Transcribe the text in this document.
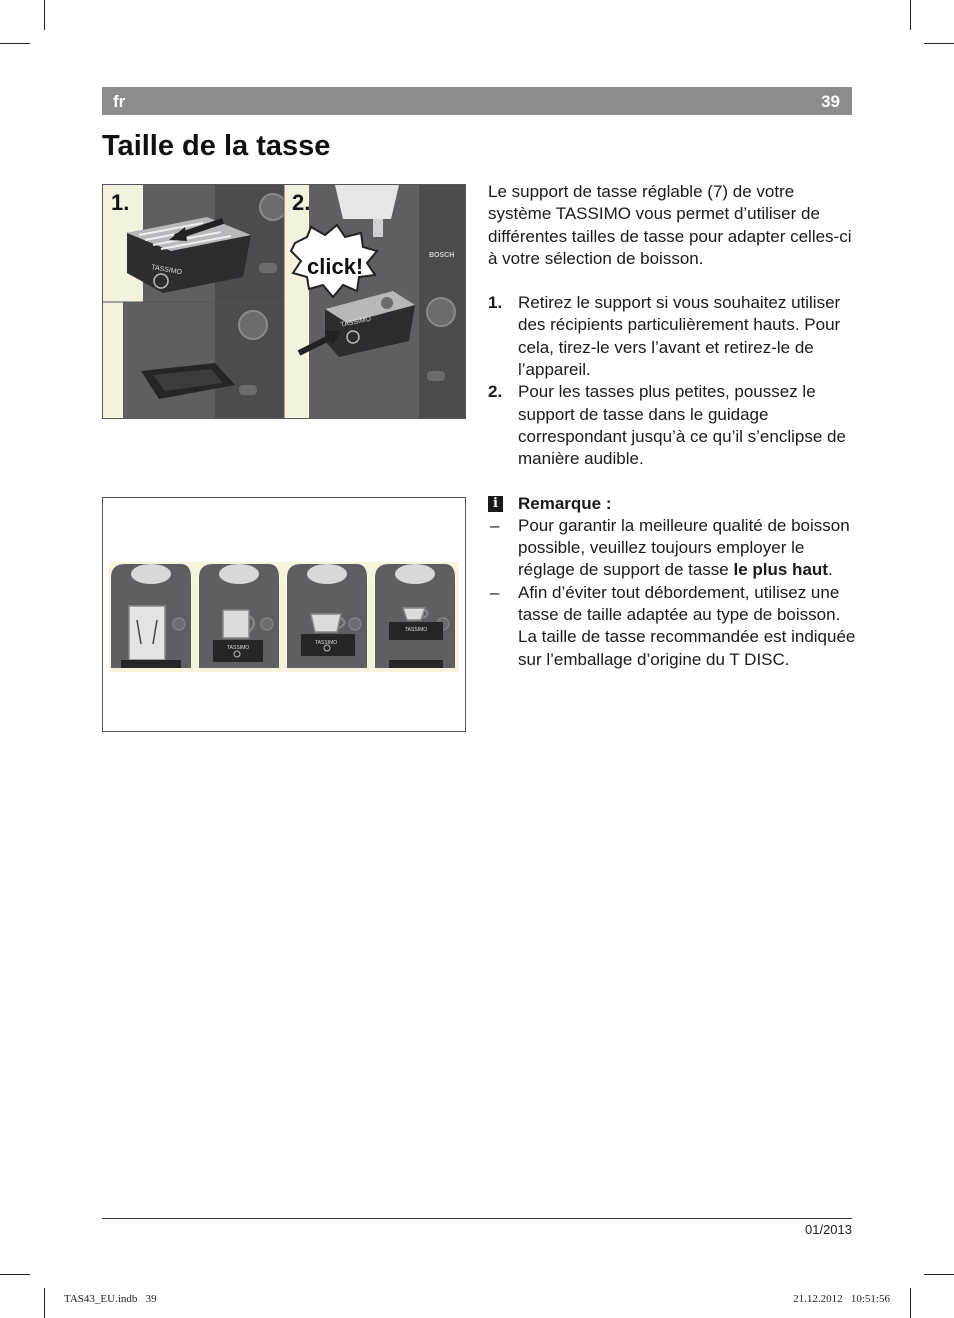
fr	39
Taille de la tasse
1.	2.
click!
TASSIMO
TASSIMO
BOSCH
TASSIMO
TASSIMO
TASSIMO

Le support de tasse réglable (7) de votre système TASSIMO vous permet d’utiliser de différentes tailles de tasse pour adapter celles-ci à votre sélection de boisson.

1. Retirez le support si vous souhaitez utiliser des récipients particulièrement hauts. Pour cela, tirez-le vers l’avant et retirez-le de l’appareil.
2. Pour les tasses plus petites, poussez le support de tasse dans le guidage correspondant jusqu’à ce qu’il s’enclipse de manière audible.

i Remarque :

– Pour garantir la meilleure qualité de boisson possible, veuillez toujours employer le réglage de support de tasse le plus haut.
– Afin d’éviter tout débordement, utilisez une tasse de taille adaptée au type de boisson. La taille de tasse recommandée est indiquée sur l’emballage d’origine du T DISC.
01/2013
TAS43_EU.indb   39	21.12.2012   10:51:56
